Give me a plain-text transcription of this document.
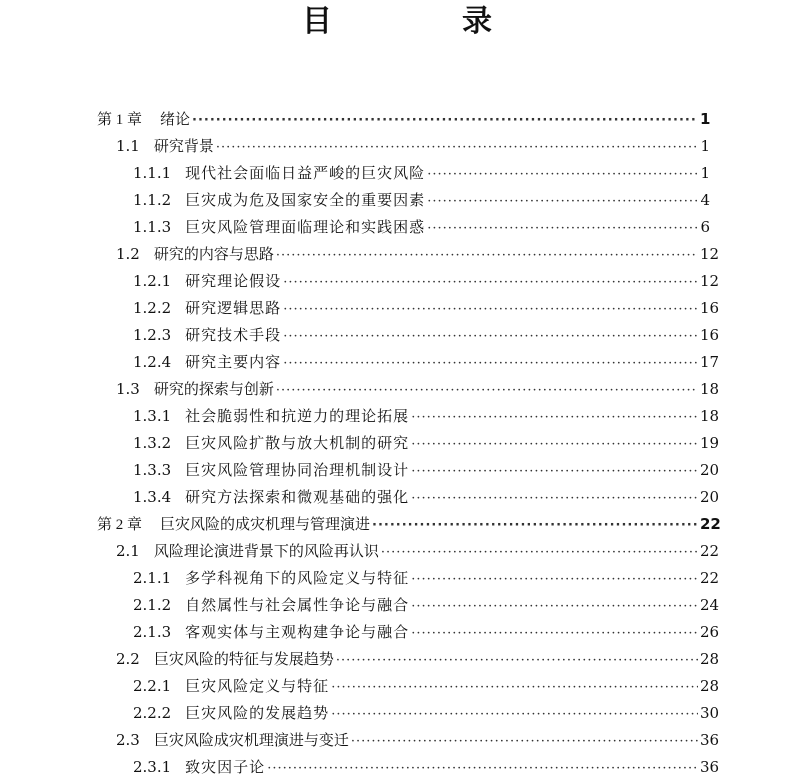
目　录
第 1 章 绪论 ·····	1
1.1 研究背景 ·····	1
1.1.1 现代社会面临日益严峻的巨灾风险 ·····	1
1.1.2 巨灾成为危及国家安全的重要因素 ·····	4
1.1.3 巨灾风险管理面临理论和实践困惑 ·····	6
1.2 研究的内容与思路 ·····	12
1.2.1 研究理论假设 ·····	12
1.2.2 研究逻辑思路 ·····	16
1.2.3 研究技术手段 ·····	16
1.2.4 研究主要内容 ·····	17
1.3 研究的探索与创新 ·····	18
1.3.1 社会脆弱性和抗逆力的理论拓展 ·····	18
1.3.2 巨灾风险扩散与放大机制的研究 ·····	19
1.3.3 巨灾风险管理协同治理机制设计 ·····	20
1.3.4 研究方法探索和微观基础的强化 ·····	20
第 2 章 巨灾风险的成灾机理与管理演进 ·····	22
2.1 风险理论演进背景下的风险再认识 ·····	22
2.1.1 多学科视角下的风险定义与特征 ·····	22
2.1.2 自然属性与社会属性争论与融合 ·····	24
2.1.3 客观实体与主观构建争论与融合 ·····	26
2.2 巨灾风险的特征与发展趋势 ·····	28
2.2.1 巨灾风险定义与特征 ·····	28
2.2.2 巨灾风险的发展趋势 ·····	30
2.3 巨灾风险成灾机理演进与变迁 ·····	36
2.3.1 致灾因子论 ·····	36
